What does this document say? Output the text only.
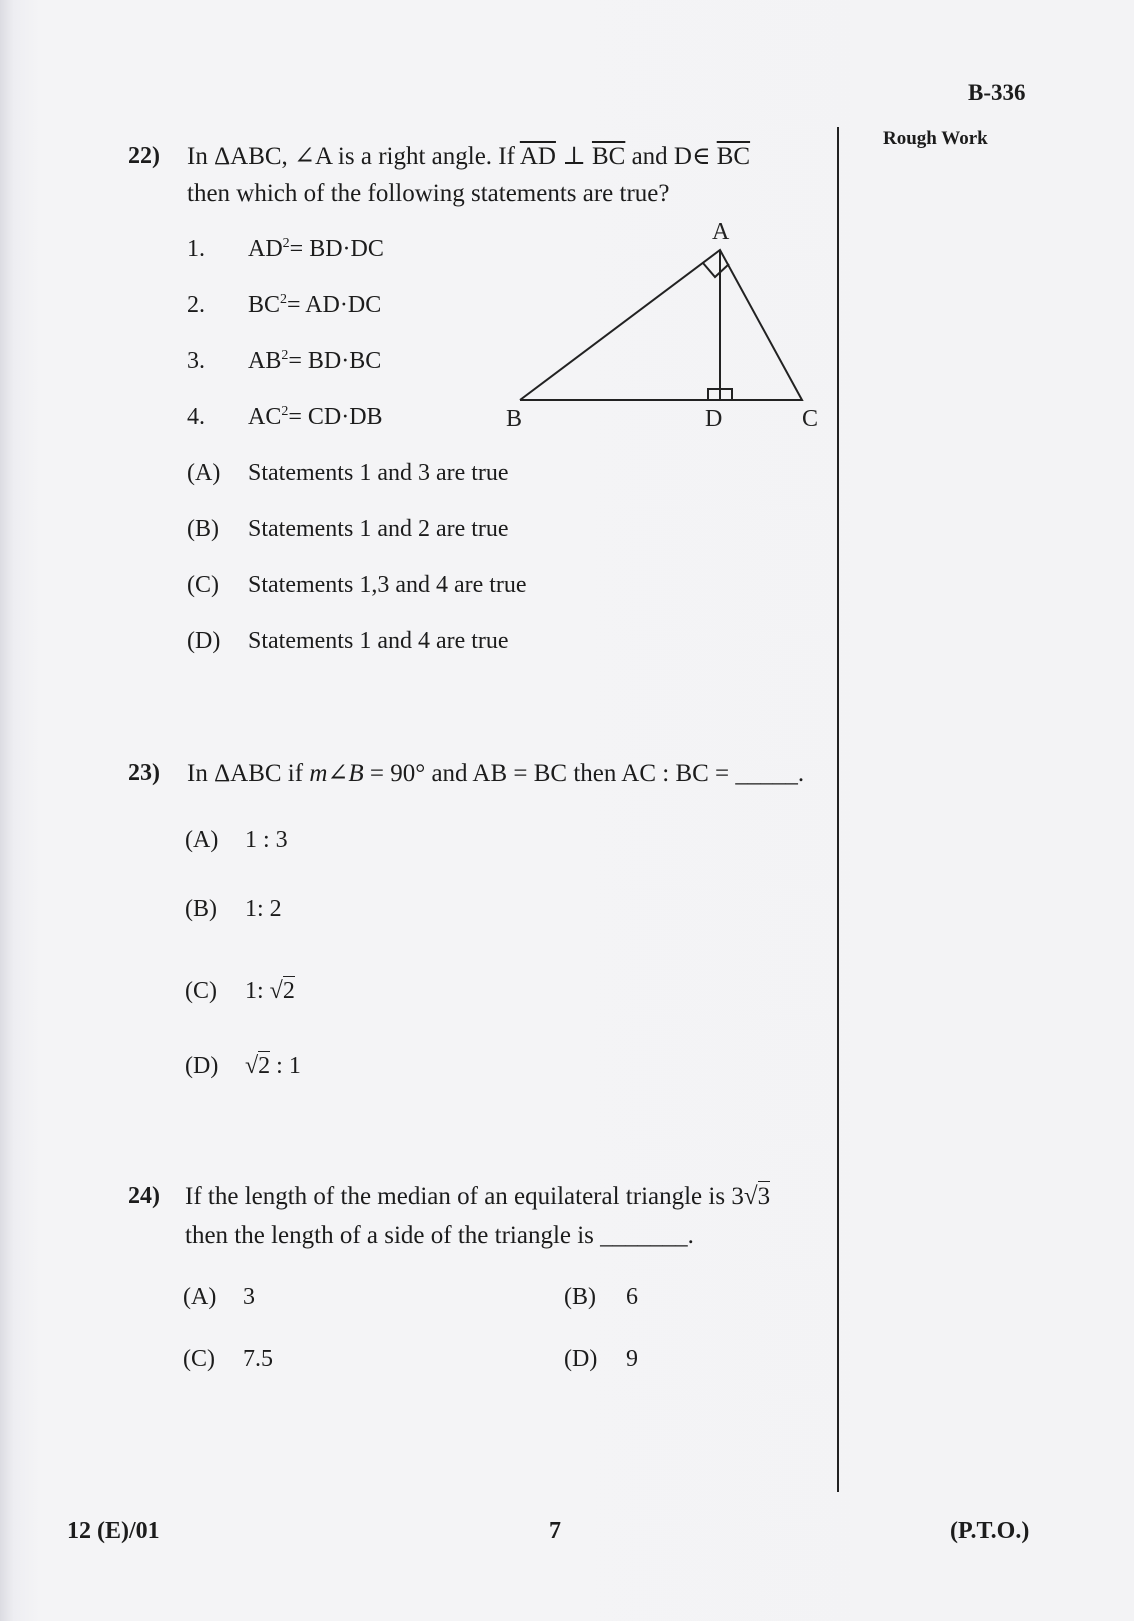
B-336
Rough Work
22) In ΔABC, ∠A is a right angle. If $\overline{AD}$ ⊥ $\overline{BC}$ and D∈ $\overline{BC}$
then which of the following statements are true?
1. $AD^2= BD\cdot DC$
2. $BC^2= AD\cdot DC$
3. $AB^2= BD\cdot BC$
4. $AC^2= CD\cdot DB$
A
B	C
D
(A) Statements 1 and 3 are true
(B) Statements 1 and 2 are true
(C) Statements 1,3 and 4 are true
(D) Statements 1 and 4 are true
23) In ΔABC if m∠B = 90° and AB = BC then AC : BC = _____.
(A) 1 : 3
(B) 1: 2
(C) 1: √2
(D) √2 : 1
24) If the length of the median of an equilateral triangle is 3√3
then the length of a side of the triangle is _______.
(A) 3	(B) 6
(C) 7.5	(D) 9
12 (E)/01	7	(P.T.O.)
